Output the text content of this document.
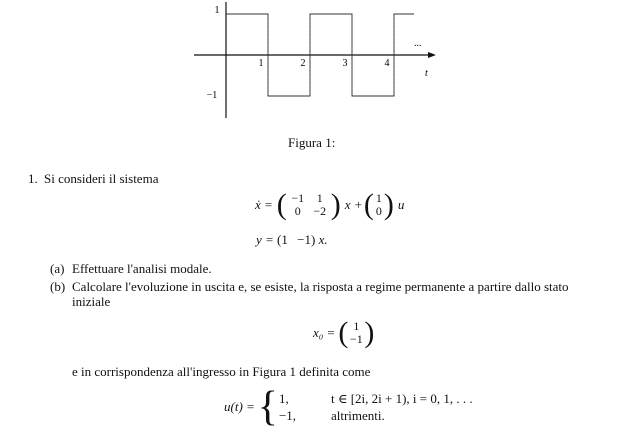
1
−1
1	2	3	4
...
t
Figura 1:
1. Si consideri il sistema
ẋ = ( −1	1
0	−2 ) x + ( 1
0 ) u
y = (1 −1) x.
(a) Effettuare l'analisi modale.
(b) Calcolare l'evoluzione in uscita e, se esiste, la risposta a regime permanente a partire dallo stato
iniziale
x₀ = ( 1
−1 )
e in corrispondenza all'ingresso in Figura 1 definita come
u(t) = { 1,	t ∈ [2i, 2i + 1), i = 0, 1, . . .
−1,	altrimenti.
